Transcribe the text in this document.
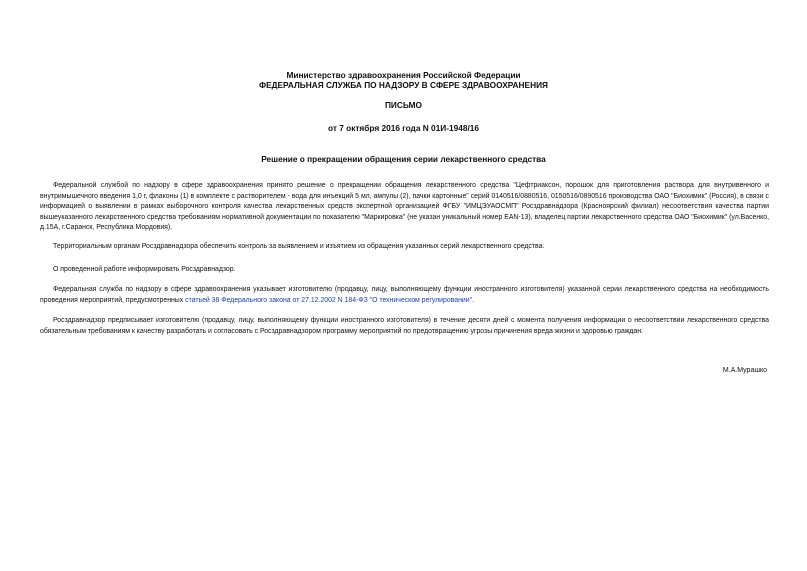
Министерство здравоохранения Российской Федерации
ФЕДЕРАЛЬНАЯ СЛУЖБА ПО НАДЗОРУ В СФЕРЕ ЗДРАВООХРАНЕНИЯ
ПИСЬМО
от 7 октября 2016 года N 01И-1948/16
Решение о прекращении обращения серии лекарственного средства

Федеральной службой по надзору в сфере здравоохранения принято решение о прекращении обращения лекарственного средства "Цефтриаксон, порошок для приготовления раствора для внутривенного и внутримышечного введения 1,0 г, флаконы (1) в комплекте с растворителем - вода для инъекций 5 мл, ампулы (2), пачки картонные" серий 0140516/0880516, 0150516/0890516 производства ОАО "Биохимик" (Россия), в связи с информацией о выявлении в рамках выборочного контроля качества лекарственных средств экспертной организацией ФГБУ "ИМЦЭУАОСМП" Росздравнадзора (Красноярский филиал) несоответствия качества партии вышеуказанного лекарственного средства требованиям нормативной документации по показателю "Маркировка" (не указан уникальный номер EAN-13), владелец партии лекарственного средства ОАО "Биохимик" (ул.Васенко, д.15А, г.Саранск, Республика Мордовия).

Территориальным органам Росздравнадзора обеспечить контроль за выявлением и изъятием из обращения указанных серий лекарственного средства.

О проведенной работе информировать Росздравнадзор.

Федеральная служба по надзору в сфере здравоохранения указывает изготовителю (продавцу, лицу, выполняющему функции иностранного изготовителя) указанной серии лекарственного средства на необходимость проведения мероприятий, предусмотренных статьей 38 Федерального закона от 27.12.2002 N 184-ФЗ "О техническом регулировании".

Росздравнадзор предписывает изготовителю (продавцу, лицу, выполняющему функции иностранного изготовителя) в течение десяти дней с момента получения информации о несоответствии лекарственного средства обязательным требованиям к качеству разработать и согласовать с Росздравнадзором программу мероприятий по предотвращению угрозы причинения вреда жизни и здоровью граждан.

М.А.Мурашко
